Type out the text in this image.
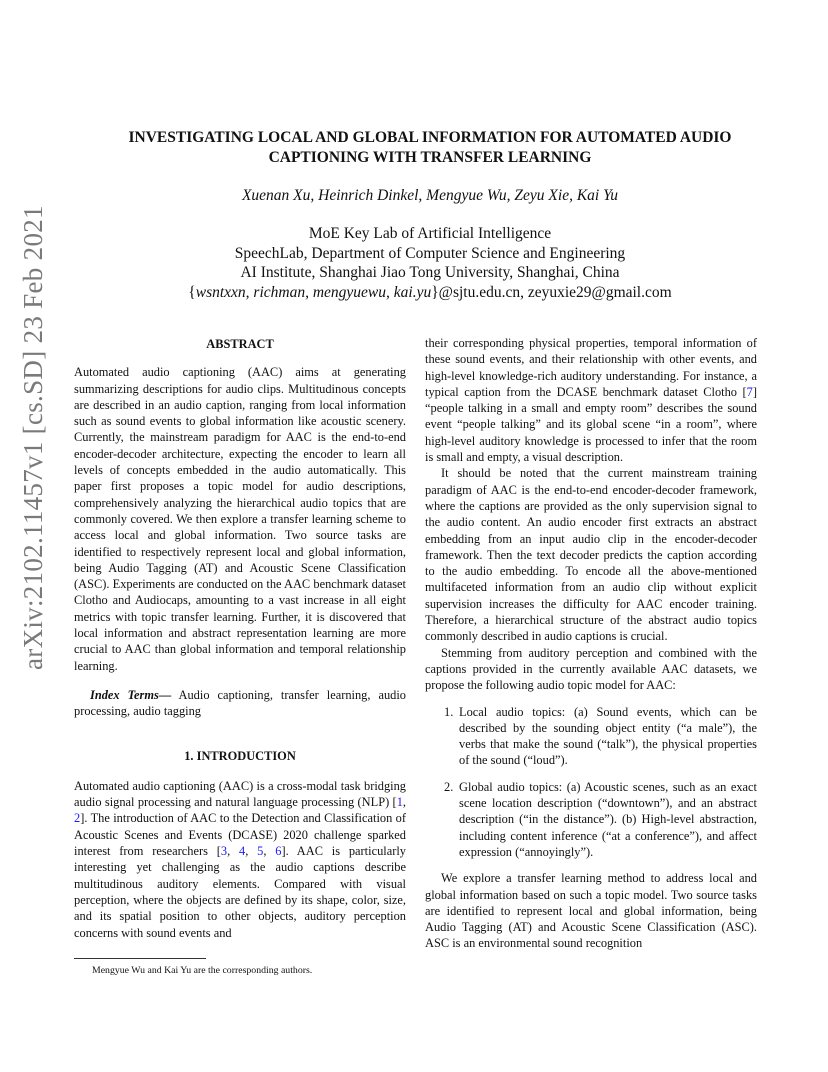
arXiv:2102.11457v1 [cs.SD] 23 Feb 2021
INVESTIGATING LOCAL AND GLOBAL INFORMATION FOR AUTOMATED AUDIO
CAPTIONING WITH TRANSFER LEARNING
Xuenan Xu, Heinrich Dinkel, Mengyue Wu, Zeyu Xie, Kai Yu
MoE Key Lab of Artificial Intelligence
SpeechLab, Department of Computer Science and Engineering
AI Institute, Shanghai Jiao Tong University, Shanghai, China
{wsntxxn, richman, mengyuewu, kai.yu}@sjtu.edu.cn, zeyuxie29@gmail.com

ABSTRACT

Automated audio captioning (AAC) aims at generating summarizing descriptions for audio clips. Multitudinous concepts are described in an audio caption, ranging from local information such as sound events to global information like acoustic scenery. Currently, the mainstream paradigm for AAC is the end-to-end encoder-decoder architecture, expecting the encoder to learn all levels of concepts embedded in the audio automatically. This paper first proposes a topic model for audio descriptions, comprehensively analyzing the hierarchical audio topics that are commonly covered. We then explore a transfer learning scheme to access local and global information. Two source tasks are identified to respectively represent local and global information, being Audio Tagging (AT) and Acoustic Scene Classification (ASC). Experiments are conducted on the AAC benchmark dataset Clotho and Audiocaps, amounting to a vast increase in all eight metrics with topic transfer learning. Further, it is discovered that local information and abstract representation learning are more crucial to AAC than global information and temporal relationship learning.

Index Terms— Audio captioning, transfer learning, audio processing, audio tagging

1. INTRODUCTION

Automated audio captioning (AAC) is a cross-modal task bridging audio signal processing and natural language processing (NLP) [1, 2]. The introduction of AAC to the Detection and Classification of Acoustic Scenes and Events (DCASE) 2020 challenge sparked interest from researchers [3, 4, 5, 6]. AAC is particularly interesting yet challenging as the audio captions describe multitudinous auditory elements. Compared with visual perception, where the objects are defined by its shape, color, size, and its spatial position to other objects, auditory perception concerns with sound events and

Mengyue Wu and Kai Yu are the corresponding authors.

their corresponding physical properties, temporal information of these sound events, and their relationship with other events, and high-level knowledge-rich auditory understanding. For instance, a typical caption from the DCASE benchmark dataset Clotho [7] “people talking in a small and empty room” describes the sound event “people talking” and its global scene “in a room”, where high-level auditory knowledge is processed to infer that the room is small and empty, a visual description.

It should be noted that the current mainstream training paradigm of AAC is the end-to-end encoder-decoder framework, where the captions are provided as the only supervision signal to the audio content. An audio encoder first extracts an abstract embedding from an input audio clip in the encoder-decoder framework. Then the text decoder predicts the caption according to the audio embedding. To encode all the above-mentioned multifaceted information from an audio clip without explicit supervision increases the difficulty for AAC encoder training. Therefore, a hierarchical structure of the abstract audio topics commonly described in audio captions is crucial.

Stemming from auditory perception and combined with the captions provided in the currently available AAC datasets, we propose the following audio topic model for AAC:

1. Local audio topics: (a) Sound events, which can be described by the sounding object entity (“a male”), the verbs that make the sound (“talk”), the physical properties of the sound (“loud”).
2. Global audio topics: (a) Acoustic scenes, such as an exact scene location description (“downtown”), and an abstract description (“in the distance”). (b) High-level abstraction, including content inference (“at a conference”), and affect expression (“annoyingly”).

We explore a transfer learning method to address local and global information based on such a topic model. Two source tasks are identified to represent local and global information, being Audio Tagging (AT) and Acoustic Scene Classification (ASC). ASC is an environmental sound recognition
